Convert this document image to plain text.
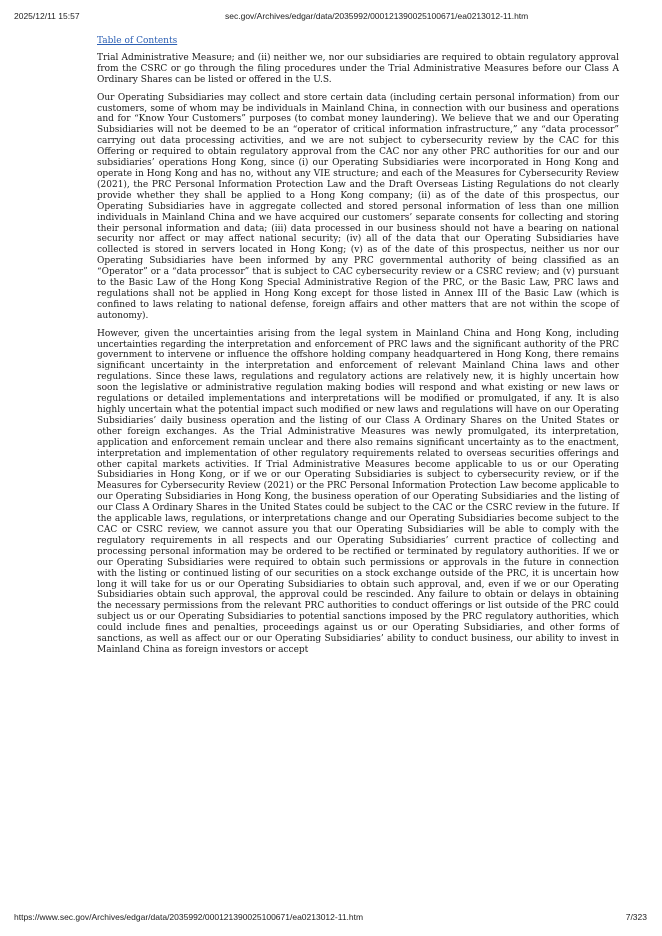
2025/12/11 15:57	sec.gov/Archives/edgar/data/2035992/000121390025100671/ea0213012-11.htm
Table of Contents

Trial Administrative Measure; and (ii) neither we, nor our subsidiaries are required to obtain regulatory approval from the CSRC or go through the filing procedures under the Trial Administrative Measures before our Class A Ordinary Shares can be listed or offered in the U.S.

Our Operating Subsidiaries may collect and store certain data (including certain personal information) from our customers, some of whom may be individuals in Mainland China, in connection with our business and operations and for “Know Your Customers” purposes (to combat money laundering). We believe that we and our Operating Subsidiaries will not be deemed to be an “operator of critical information infrastructure,” any “data processor” carrying out data processing activities, and we are not subject to cybersecurity review by the CAC for this Offering or required to obtain regulatory approval from the CAC nor any other PRC authorities for our and our subsidiaries’ operations Hong Kong, since (i) our Operating Subsidiaries were incorporated in Hong Kong and operate in Hong Kong and has no, without any VIE structure; and each of the Measures for Cybersecurity Review (2021), the PRC Personal Information Protection Law and the Draft Overseas Listing Regulations do not clearly provide whether they shall be applied to a Hong Kong company; (ii) as of the date of this prospectus, our Operating Subsidiaries have in aggregate collected and stored personal information of less than one million individuals in Mainland China and we have acquired our customers’ separate consents for collecting and storing their personal information and data; (iii) data processed in our business should not have a bearing on national security nor affect or may affect national security; (iv) all of the data that our Operating Subsidiaries have collected is stored in servers located in Hong Kong; (v) as of the date of this prospectus, neither us nor our Operating Subsidiaries have been informed by any PRC governmental authority of being classified as an “Operator” or a “data processor” that is subject to CAC cybersecurity review or a CSRC review; and (v) pursuant to the Basic Law of the Hong Kong Special Administrative Region of the PRC, or the Basic Law, PRC laws and regulations shall not be applied in Hong Kong except for those listed in Annex III of the Basic Law (which is confined to laws relating to national defense, foreign affairs and other matters that are not within the scope of autonomy).

However, given the uncertainties arising from the legal system in Mainland China and Hong Kong, including uncertainties regarding the interpretation and enforcement of PRC laws and the significant authority of the PRC government to intervene or influence the offshore holding company headquartered in Hong Kong, there remains significant uncertainty in the interpretation and enforcement of relevant Mainland China laws and other regulations. Since these laws, regulations and regulatory actions are relatively new, it is highly uncertain how soon the legislative or administrative regulation making bodies will respond and what existing or new laws or regulations or detailed implementations and interpretations will be modified or promulgated, if any. It is also highly uncertain what the potential impact such modified or new laws and regulations will have on our Operating Subsidiaries’ daily business operation and the listing of our Class A Ordinary Shares on the United States or other foreign exchanges. As the Trial Administrative Measures was newly promulgated, its interpretation, application and enforcement remain unclear and there also remains significant uncertainty as to the enactment, interpretation and implementation of other regulatory requirements related to overseas securities offerings and other capital markets activities. If Trial Administrative Measures become applicable to us or our Operating Subsidiaries in Hong Kong, or if we or our Operating Subsidiaries is subject to cybersecurity review, or if the Measures for Cybersecurity Review (2021) or the PRC Personal Information Protection Law become applicable to our Operating Subsidiaries in Hong Kong, the business operation of our Operating Subsidiaries and the listing of our Class A Ordinary Shares in the United States could be subject to the CAC or the CSRC review in the future. If the applicable laws, regulations, or interpretations change and our Operating Subsidiaries become subject to the CAC or CSRC review, we cannot assure you that our Operating Subsidiaries will be able to comply with the regulatory requirements in all respects and our Operating Subsidiaries’ current practice of collecting and processing personal information may be ordered to be rectified or terminated by regulatory authorities. If we or our Operating Subsidiaries were required to obtain such permissions or approvals in the future in connection with the listing or continued listing of our securities on a stock exchange outside of the PRC, it is uncertain how long it will take for us or our Operating Subsidiaries to obtain such approval, and, even if we or our Operating Subsidiaries obtain such approval, the approval could be rescinded. Any failure to obtain or delays in obtaining the necessary permissions from the relevant PRC authorities to conduct offerings or list outside of the PRC could subject us or our Operating Subsidiaries to potential sanctions imposed by the PRC regulatory authorities, which could include fines and penalties, proceedings against us or our Operating Subsidiaries, and other forms of sanctions, as well as affect our or our Operating Subsidiaries’ ability to conduct business, our ability to invest in Mainland China as foreign investors or accept

https://www.sec.gov/Archives/edgar/data/2035992/000121390025100671/ea0213012-11.htm	7/323
